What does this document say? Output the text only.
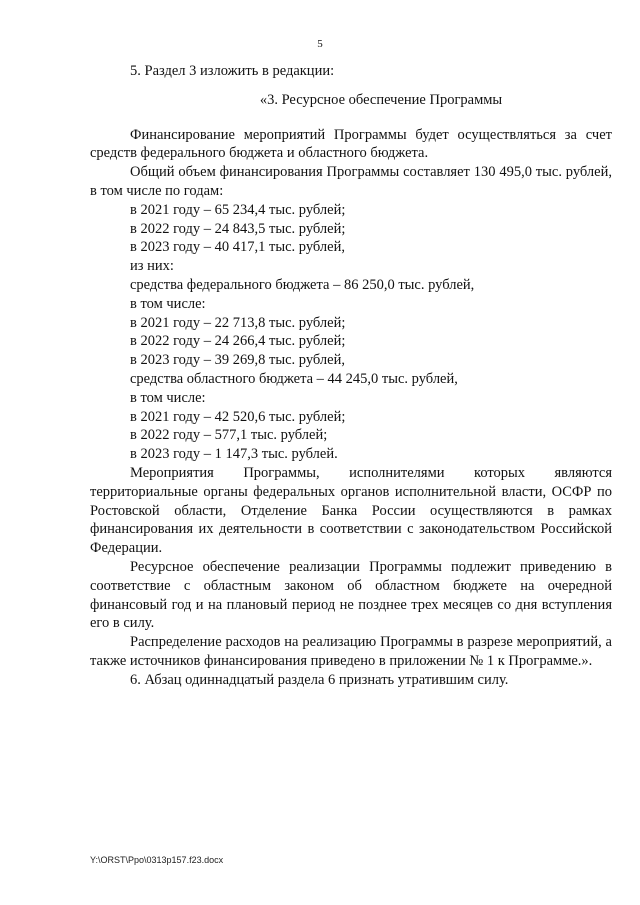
5

5. Раздел 3 изложить в редакции:

«3. Ресурсное обеспечение Программы

Финансирование мероприятий Программы будет осуществляться за счет средств федерального бюджета и областного бюджета.

Общий объем финансирования Программы составляет 130 495,0 тыс. рублей, в том числе по годам:

в 2021 году – 65 234,4 тыс. рублей;

в 2022 году – 24 843,5 тыс. рублей;

в 2023 году – 40 417,1 тыс. рублей,

из них:

средства федерального бюджета – 86 250,0 тыс. рублей,

в том числе:

в 2021 году – 22 713,8 тыс. рублей;

в 2022 году – 24 266,4 тыс. рублей;

в 2023 году – 39 269,8 тыс. рублей,

средства областного бюджета – 44 245,0 тыс. рублей,

в том числе:

в 2021 году – 42 520,6 тыс. рублей;

в 2022 году – 577,1 тыс. рублей;

в 2023 году – 1 147,3 тыс. рублей.

Мероприятия Программы, исполнителями которых являются территориальные органы федеральных органов исполнительной власти, ОСФР по Ростовской области, Отделение Банка России осуществляются в рамках финансирования их деятельности в соответствии с законодательством Российской Федерации.

Ресурсное обеспечение реализации Программы подлежит приведению в соответствие с областным законом об областном бюджете на очередной финансовый год и на плановый период не позднее трех месяцев со дня вступления его в силу.

Распределение расходов на реализацию Программы в разрезе мероприятий, а также источников финансирования приведено в приложении № 1 к Программе.».

6. Абзац одиннадцатый раздела 6 признать утратившим силу.

Y:\ORST\Ppo\0313p157.f23.docx
